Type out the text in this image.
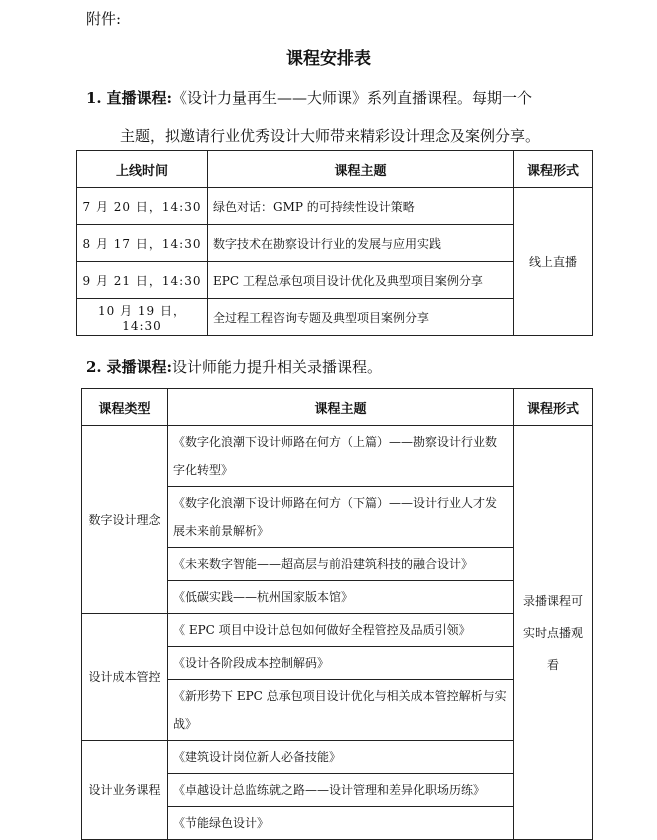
附件:
课程安排表
1. 直播课程:《设计力量再生——大师课》系列直播课程。每期一个
主题，拟邀请行业优秀设计大师带来精彩设计理念及案例分享。
上线时间	课程主题	课程形式
7 月 20 日，14:30	绿色对话：GMP 的可持续性设计策略	线上直播
8 月 17 日，14:30	数字技术在勘察设计行业的发展与应用实践	
9 月 21 日，14:30	EPC 工程总承包项目设计优化及典型项目案例分享	
10 月 19 日，14:30	全过程工程咨询专题及典型项目案例分享	
2. 录播课程:设计师能力提升相关录播课程。
课程类型	课程主题	课程形式
数字设计理念	《数字化浪潮下设计师路在何方（上篇）——勘察设计行业数字化转型》	录播课程可实时点播观看
	《数字化浪潮下设计师路在何方（下篇）——设计行业人才发展未来前景解析》	
	《未来数字智能——超高层与前沿建筑科技的融合设计》	
	《低碳实践——杭州国家版本馆》	
设计成本管控	《 EPC 项目中设计总包如何做好全程管控及品质引领》	
	《设计各阶段成本控制解码》	
	《新形势下 EPC 总承包项目设计优化与相关成本管控解析与实战》	
设计业务课程	《建筑设计岗位新人必备技能》	
	《卓越设计总监练就之路——设计管理和差异化职场历练》	
	《节能绿色设计》	
